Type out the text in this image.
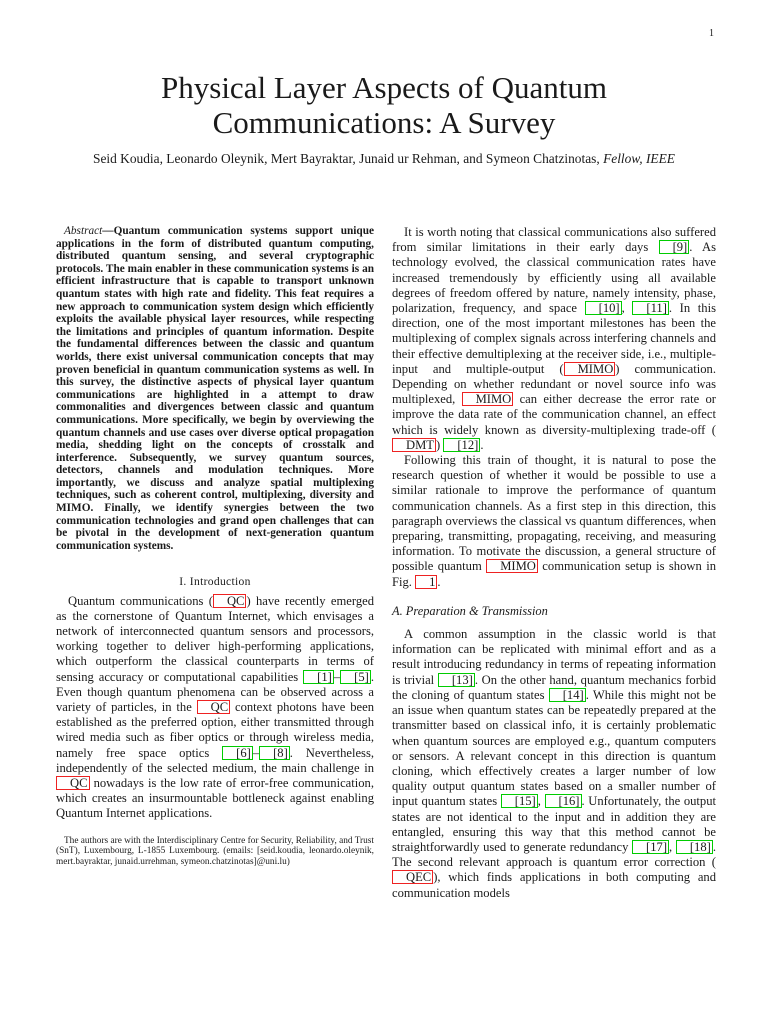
1
Physical Layer Aspects of Quantum
Communications: A Survey

Seid Koudia, Leonardo Oleynik, Mert Bayraktar, Junaid ur Rehman, and Symeon Chatzinotas, Fellow, IEEE

Abstract—Quantum communication systems support unique applications in the form of distributed quantum computing, distributed quantum sensing, and several cryptographic protocols. The main enabler in these communication systems is an efficient infrastructure that is capable to transport unknown quantum states with high rate and fidelity. This feat requires a new approach to communication system design which efficiently exploits the available physical layer resources, while respecting the limitations and principles of quantum information. Despite the fundamental differences between the classic and quantum worlds, there exist universal communication concepts that may proven beneficial in quantum communication systems as well. In this survey, the distinctive aspects of physical layer quantum communications are highlighted in a attempt to draw commonalities and divergences between classic and quantum communications. More specifically, we begin by overviewing the quantum channels and use cases over diverse optical propagation media, shedding light on the concepts of crosstalk and interference. Subsequently, we survey quantum sources, detectors, channels and modulation techniques. More importantly, we discuss and analyze spatial multiplexing techniques, such as coherent control, multiplexing, diversity and MIMO. Finally, we identify synergies between the two communication technologies and grand open challenges that can be pivotal in the development of next-generation quantum communication systems.

I. Introduction

Quantum communications ( QC ) have recently emerged as the cornerstone of Quantum Internet, which envisages a network of interconnected quantum sensors and processors, working together to deliver high-performing applications, which outperform the classical counterparts in terms of sensing accuracy or computational capabilities [1] – [5] . Even though quantum phenomena can be observed across a variety of particles, in the QC context photons have been established as the preferred option, either transmitted through wired media such as fiber optics or through wireless media, namely free space optics [6] – [8] . Nevertheless, independently of the selected medium, the main challenge in QC nowadays is the low rate of error-free communication, which creates an insurmountable bottleneck against enabling Quantum Internet applications.

The authors are with the Interdisciplinary Centre for Security, Reliability, and Trust (SnT), Luxembourg, L-1855 Luxembourg. (emails: [seid.koudia, leonardo.oleynik, mert.bayraktar, junaid.urrehman, symeon.chatzinotas]@uni.lu)

It is worth noting that classical communications also suffered from similar limitations in their early days [9] . As technology evolved, the classical communication rates have increased tremendously by efficiently using all available degrees of freedom offered by nature, namely intensity, phase, polarization, frequency, and space [10] , [11] . In this direction, one of the most important milestones has been the multiplexing of complex signals across interfering channels and their effective demultiplexing at the receiver side, i.e., multiple-input and multiple-output ( MIMO ) communication. Depending on whether redundant or novel source info was multiplexed, MIMO can either decrease the error rate or improve the data rate of the communication channel, an effect which is widely known as diversity-multiplexing trade-off (DMT ) [12] .

Following this train of thought, it is natural to pose the research question of whether it would be possible to use a similar rationale to improve the performance of quantum communication channels. As a first step in this direction, this paragraph overviews the classical vs quantum differences, when preparing, transmitting, propagating, receiving, and measuring information. To motivate the discussion, a general structure of possible quantum MIMO communication setup is shown in Fig. 1 .

A. Preparation & Transmission

A common assumption in the classic world is that information can be replicated with minimal effort and as a result introducing redundancy in terms of repeating information is trivial [13] . On the other hand, quantum mechanics forbid the cloning of quantum states [14] . While this might not be an issue when quantum states can be repeatedly prepared at the transmitter based on classical info, it is certainly problematic when quantum sources are employed e.g., quantum computers or sensors. A relevant concept in this direction is quantum cloning, which effectively creates a larger number of low quality output quantum states based on a smaller number of input quantum states [15] , [16] . Unfortunately, the output states are not identical to the input and in addition they are entangled, ensuring this way that this method cannot be straightforwardly used to generate redundancy [17] , [18] . The second relevant approach is quantum error correction (QEC ), which finds applications in both computing and communication models
